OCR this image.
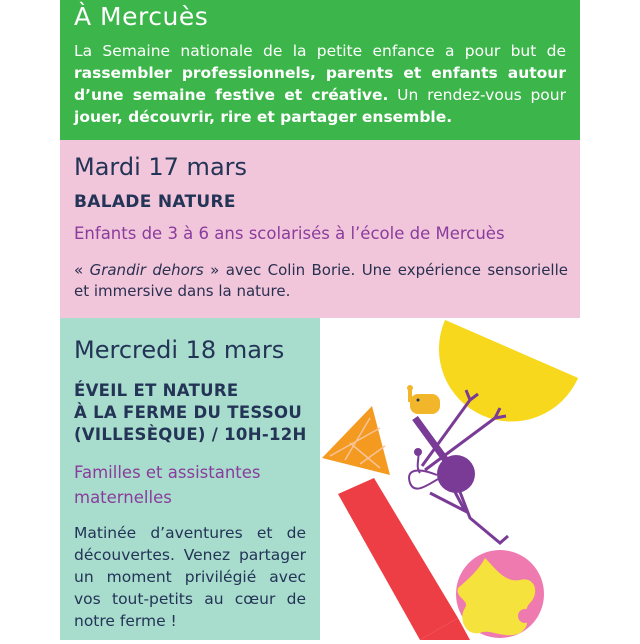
À Mercuès
La Semaine nationale de la petite enfance a pour but de rassembler professionnels, parents et enfants autour d’une semaine festive et créative. Un rendez-vous pour jouer, découvrir, rire et partager ensemble.
Mardi 17 mars
BALADE NATURE
Enfants de 3 à 6 ans scolarisés à l’école de Mercuès
« Grandir dehors » avec Colin Borie. Une expérience sensorielle et immersive dans la nature.
Mercredi 18 mars
ÉVEIL ET NATURE
À LA FERME DU TESSOU
(VILLESÈQUE) / 10H-12H
Familles et assistantes maternelles
Matinée d’aventures et de découvertes. Venez partager un moment privilégié avec vos tout-petits au cœur de notre ferme !
